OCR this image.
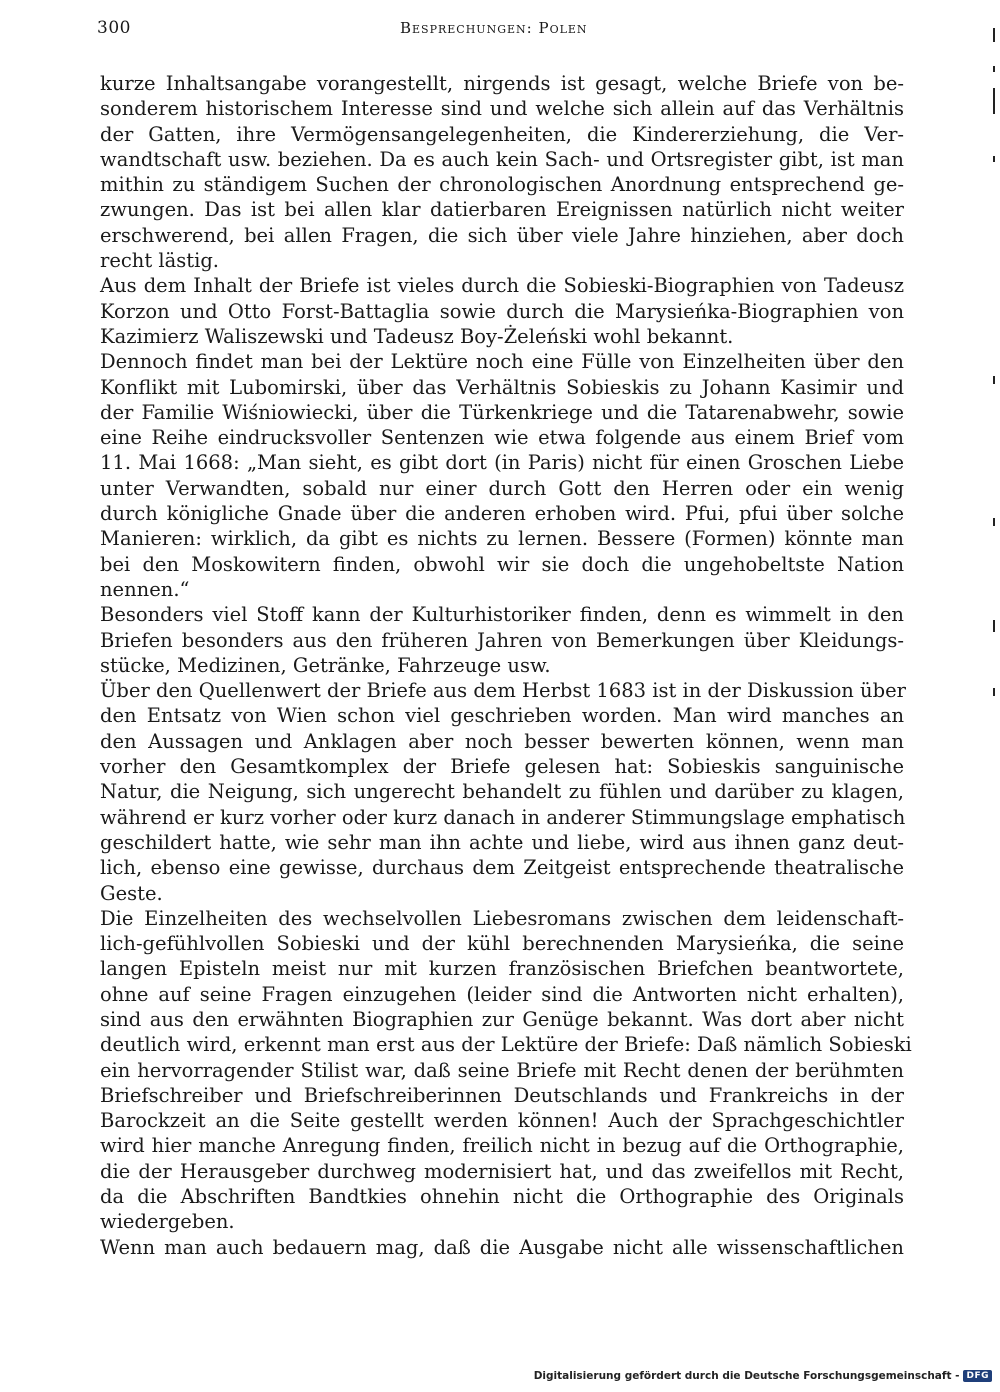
300	Besprechungen: Polen
kurze Inhaltsangabe vorangestellt, nirgends ist gesagt, welche Briefe von be-
sonderem historischem Interesse sind und welche sich allein auf das Verhältnis
der Gatten, ihre Vermögensangelegenheiten, die Kindererziehung, die Ver-
wandtschaft usw. beziehen. Da es auch kein Sach- und Ortsregister gibt, ist man
mithin zu ständigem Suchen der chronologischen Anordnung entsprechend ge-
zwungen. Das ist bei allen klar datierbaren Ereignissen natürlich nicht weiter
erschwerend, bei allen Fragen, die sich über viele Jahre hinziehen, aber doch
recht lästig.
Aus dem Inhalt der Briefe ist vieles durch die Sobieski-Biographien von Tadeusz
Korzon und Otto Forst-Battaglia sowie durch die Marysieńka-Biographien von
Kazimierz Waliszewski und Tadeusz Boy-Żeleński wohl bekannt.
Dennoch findet man bei der Lektüre noch eine Fülle von Einzelheiten über den
Konflikt mit Lubomirski, über das Verhältnis Sobieskis zu Johann Kasimir und
der Familie Wiśniowiecki, über die Türkenkriege und die Tatarenabwehr, sowie
eine Reihe eindrucksvoller Sentenzen wie etwa folgende aus einem Brief vom
11. Mai 1668: „Man sieht, es gibt dort (in Paris) nicht für einen Groschen Liebe
unter Verwandten, sobald nur einer durch Gott den Herren oder ein wenig
durch königliche Gnade über die anderen erhoben wird. Pfui, pfui über solche
Manieren: wirklich, da gibt es nichts zu lernen. Bessere (Formen) könnte man
bei den Moskowitern finden, obwohl wir sie doch die ungehobeltste Nation
nennen.“
Besonders viel Stoff kann der Kulturhistoriker finden, denn es wimmelt in den
Briefen besonders aus den früheren Jahren von Bemerkungen über Kleidungs-
stücke, Medizinen, Getränke, Fahrzeuge usw.
Über den Quellenwert der Briefe aus dem Herbst 1683 ist in der Diskussion über
den Entsatz von Wien schon viel geschrieben worden. Man wird manches an
den Aussagen und Anklagen aber noch besser bewerten können, wenn man
vorher den Gesamtkomplex der Briefe gelesen hat: Sobieskis sanguinische
Natur, die Neigung, sich ungerecht behandelt zu fühlen und darüber zu klagen,
während er kurz vorher oder kurz danach in anderer Stimmungslage emphatisch
geschildert hatte, wie sehr man ihn achte und liebe, wird aus ihnen ganz deut-
lich, ebenso eine gewisse, durchaus dem Zeitgeist entsprechende theatralische
Geste.
Die Einzelheiten des wechselvollen Liebesromans zwischen dem leidenschaft-
lich-gefühlvollen Sobieski und der kühl berechnenden Marysieńka, die seine
langen Episteln meist nur mit kurzen französischen Briefchen beantwortete,
ohne auf seine Fragen einzugehen (leider sind die Antworten nicht erhalten),
sind aus den erwähnten Biographien zur Genüge bekannt. Was dort aber nicht
deutlich wird, erkennt man erst aus der Lektüre der Briefe: Daß nämlich Sobieski
ein hervorragender Stilist war, daß seine Briefe mit Recht denen der berühmten
Briefschreiber und Briefschreiberinnen Deutschlands und Frankreichs in der
Barockzeit an die Seite gestellt werden können! Auch der Sprachgeschichtler
wird hier manche Anregung finden, freilich nicht in bezug auf die Orthographie,
die der Herausgeber durchweg modernisiert hat, und das zweifellos mit Recht,
da die Abschriften Bandtkies ohnehin nicht die Orthographie des Originals
wiedergeben.
Wenn man auch bedauern mag, daß die Ausgabe nicht alle wissenschaftlichen
Digitalisierung gefördert durch die Deutsche Forschungsgemeinschaft - DFG
